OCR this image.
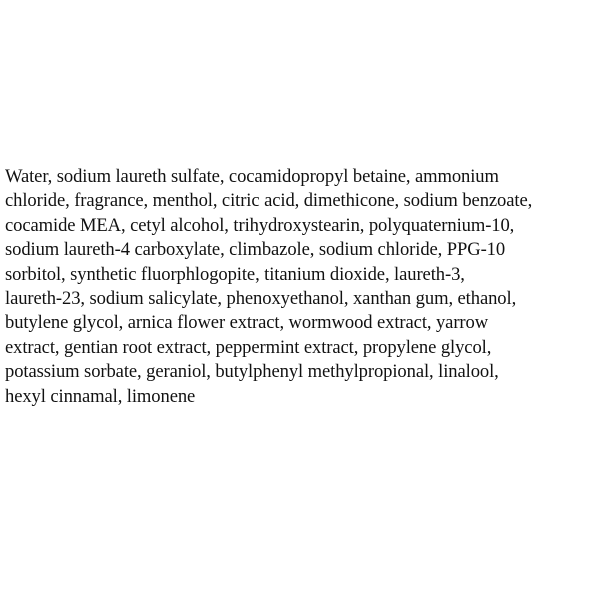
Water, sodium laureth sulfate, cocamidopropyl betaine, ammonium
chloride, fragrance, menthol, citric acid, dimethicone, sodium benzoate,
cocamide MEA, cetyl alcohol, trihydroxystearin, polyquaternium-10,
sodium laureth-4 carboxylate, climbazole, sodium chloride, PPG-10
sorbitol, synthetic fluorphlogopite, titanium dioxide, laureth-3,
laureth-23, sodium salicylate, phenoxyethanol, xanthan gum, ethanol,
butylene glycol, arnica flower extract, wormwood extract, yarrow
extract, gentian root extract, peppermint extract, propylene glycol,
potassium sorbate, geraniol, butylphenyl methylpropional, linalool,
hexyl cinnamal, limonene
